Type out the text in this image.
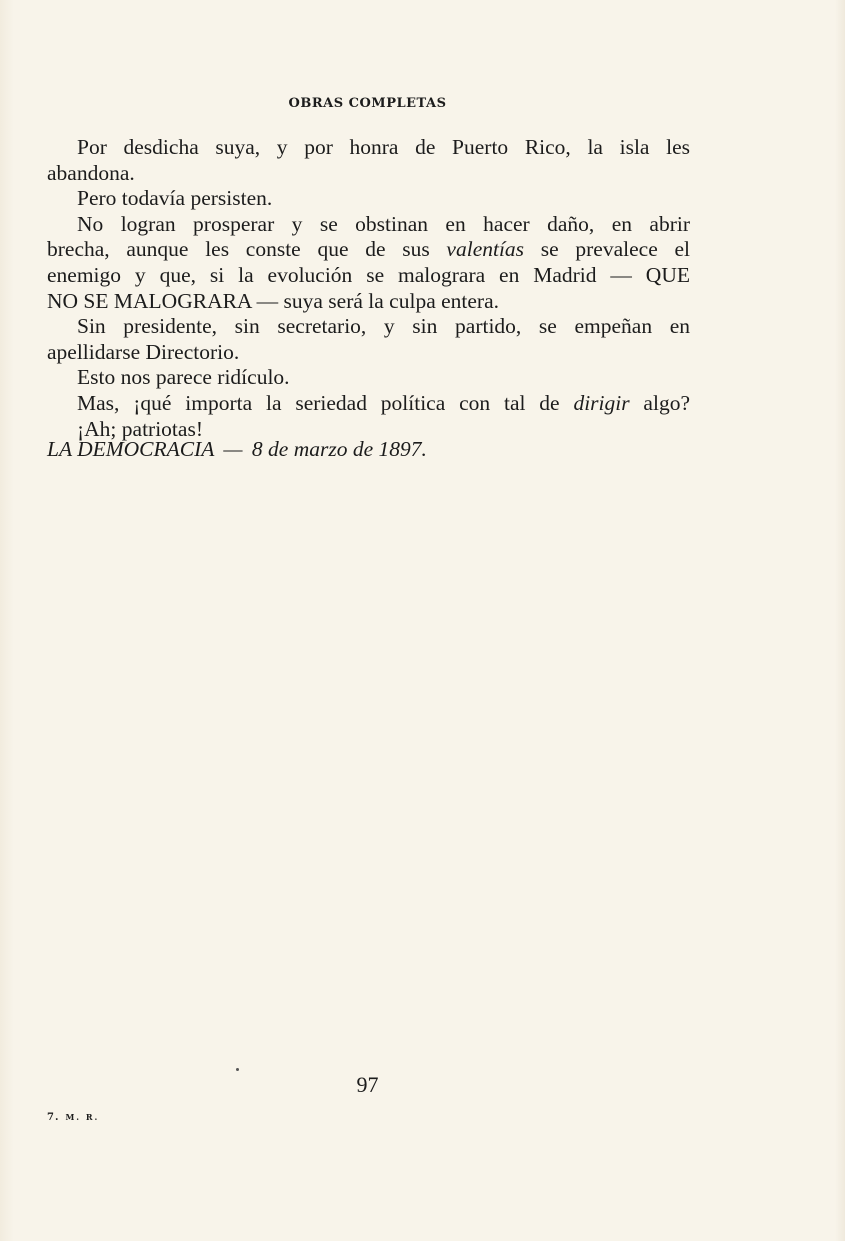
OBRAS COMPLETAS
Por desdicha suya, y por honra de Puerto Rico, la isla les
abandona.
Pero todavía persisten.
No logran prosperar y se obstinan en hacer daño, en abrir
brecha, aunque les conste que de sus valentías se prevalece el
enemigo y que, si la evolución se malograra en Madrid — QUE
NO SE MALOGRARA — suya será la culpa entera.
Sin presidente, sin secretario, y sin partido, se empeñan en
apellidarse Directorio.
Esto nos parece ridículo.
Mas, ¡qué importa la seriedad política con tal de dirigir algo?
¡Ah; patriotas!
LA DEMOCRACIA — 8 de marzo de 1897.
97
7. M. R.
